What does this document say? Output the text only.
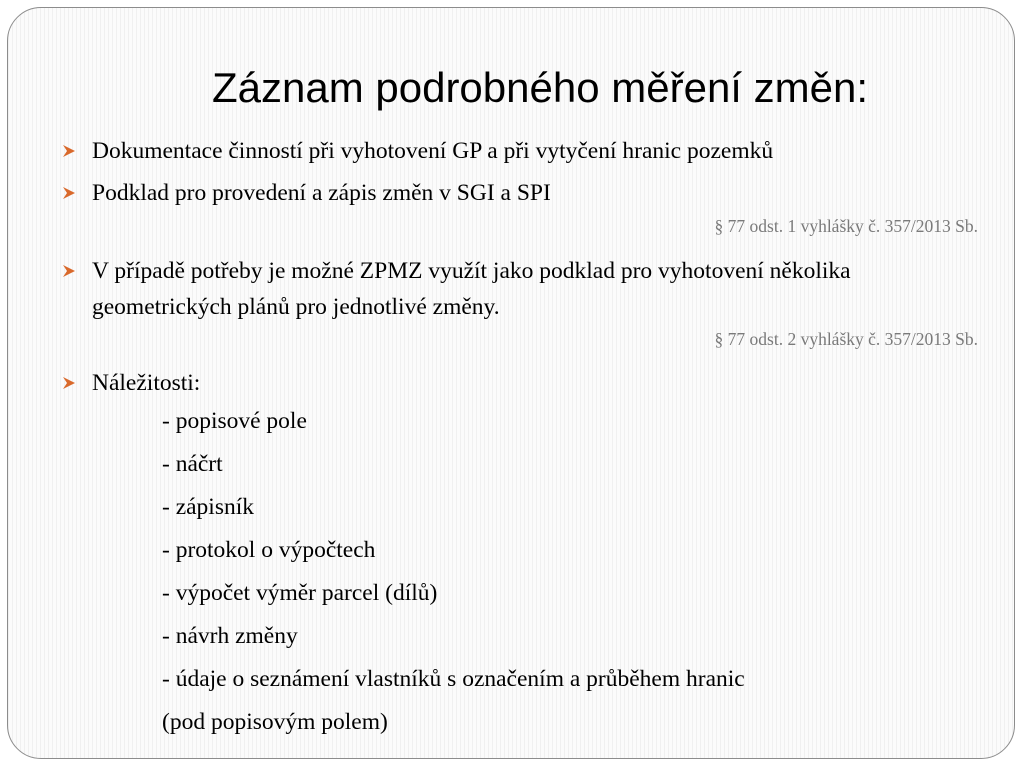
Záznam podrobného měření změn:
Dokumentace činností při vyhotovení GP a při vytyčení hranic pozemků
Podklad pro provedení a zápis změn v SGI a SPI
§ 77 odst. 1 vyhlášky č. 357/2013 Sb.
V případě potřeby je možné ZPMZ využít jako podklad pro vyhotovení několika geometrických plánů pro jednotlivé změny.
§ 77 odst. 2 vyhlášky č. 357/2013 Sb.
Náležitosti:
- popisové pole
- náčrt
- zápisník
- protokol o výpočtech
- výpočet výměr parcel (dílů)
- návrh změny
- údaje o seznámení vlastníků s označením a průběhem hranic
(pod popisovým polem)
